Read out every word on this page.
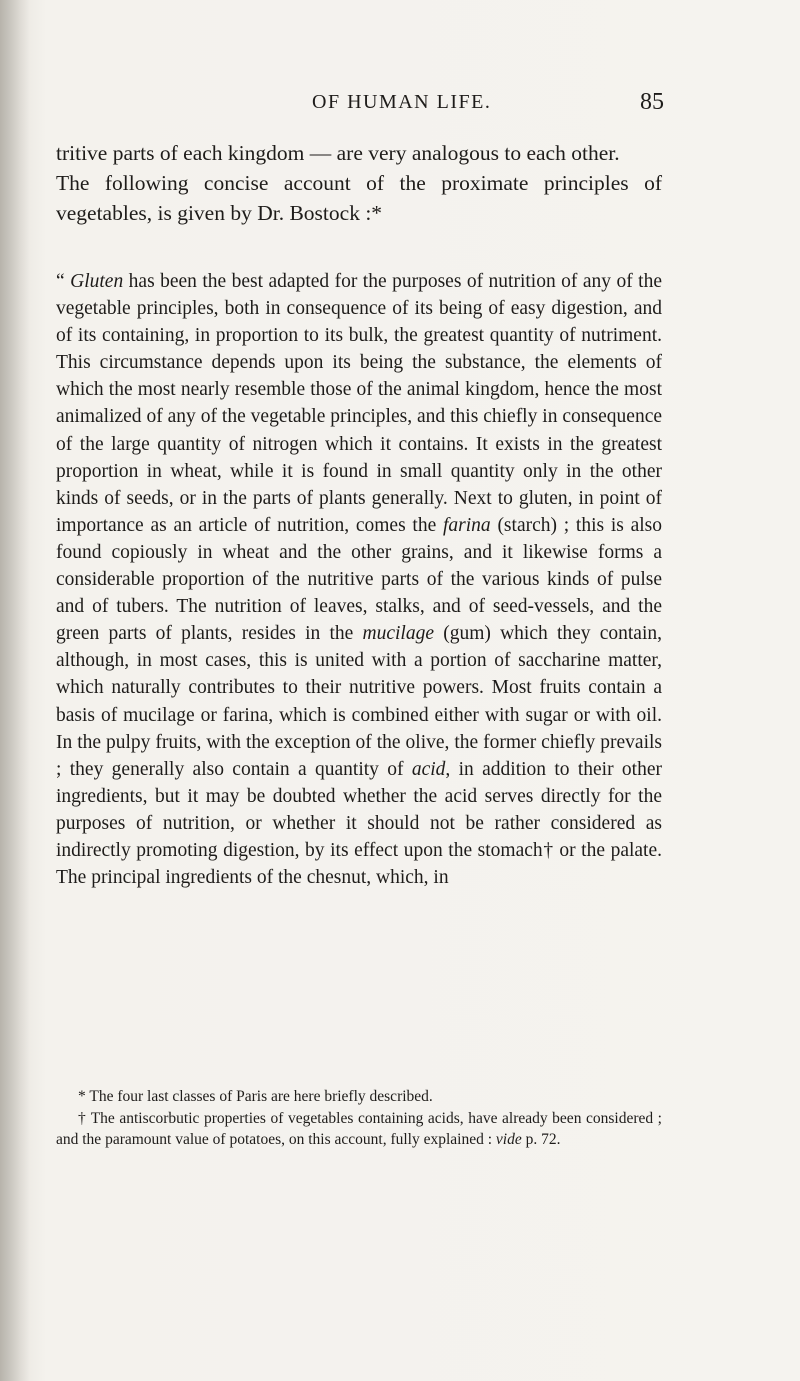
OF HUMAN LIFE.	85

tritive parts of each kingdom — are very analogous to each other.

The following concise account of the proximate principles of vegetables, is given by Dr. Bostock :*

“ Gluten has been the best adapted for the purposes of nutrition of any of the vegetable principles, both in consequence of its being of easy digestion, and of its containing, in proportion to its bulk, the greatest quantity of nutriment. This circumstance depends upon its being the substance, the elements of which the most nearly resemble those of the animal kingdom, hence the most animalized of any of the vegetable principles, and this chiefly in consequence of the large quantity of nitrogen which it contains. It exists in the greatest proportion in wheat, while it is found in small quantity only in the other kinds of seeds, or in the parts of plants generally. Next to gluten, in point of importance as an article of nutrition, comes the farina (starch) ; this is also found copiously in wheat and the other grains, and it likewise forms a considerable proportion of the nutritive parts of the various kinds of pulse and of tubers. The nutrition of leaves, stalks, and of seed-vessels, and the green parts of plants, resides in the mucilage (gum) which they contain, although, in most cases, this is united with a portion of saccharine matter, which naturally contributes to their nutritive powers. Most fruits contain a basis of mucilage or farina, which is combined either with sugar or with oil. In the pulpy fruits, with the exception of the olive, the former chiefly prevails ; they generally also contain a quantity of acid, in addition to their other ingredients, but it may be doubted whether the acid serves directly for the purposes of nutrition, or whether it should not be rather considered as indirectly promoting digestion, by its effect upon the stomach† or the palate. The principal ingredients of the chesnut, which, in

* The four last classes of Paris are here briefly described.

† The antiscorbutic properties of vegetables containing acids, have already been considered ; and the paramount value of potatoes, on this account, fully explained : vide p. 72.
